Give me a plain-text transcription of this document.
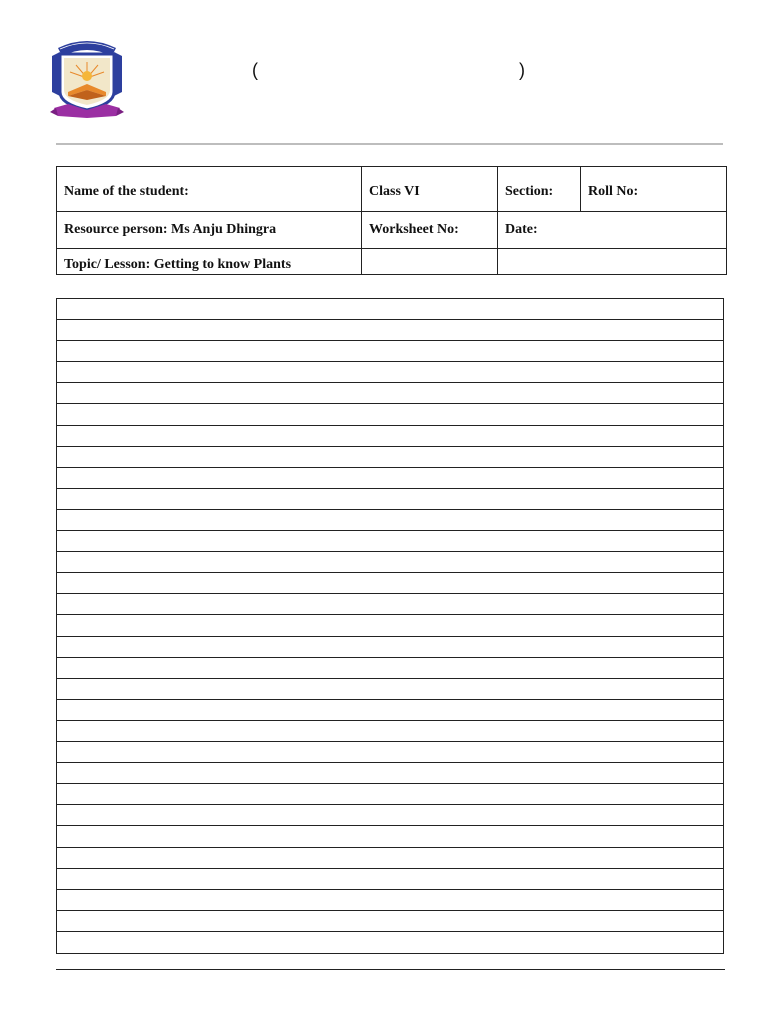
(	)
Name of the student:	Class VI	Section:	Roll No:
Resource person: Ms Anju Dhingra	Worksheet No:	Date:	
Topic/ Lesson: Getting to know Plants			
